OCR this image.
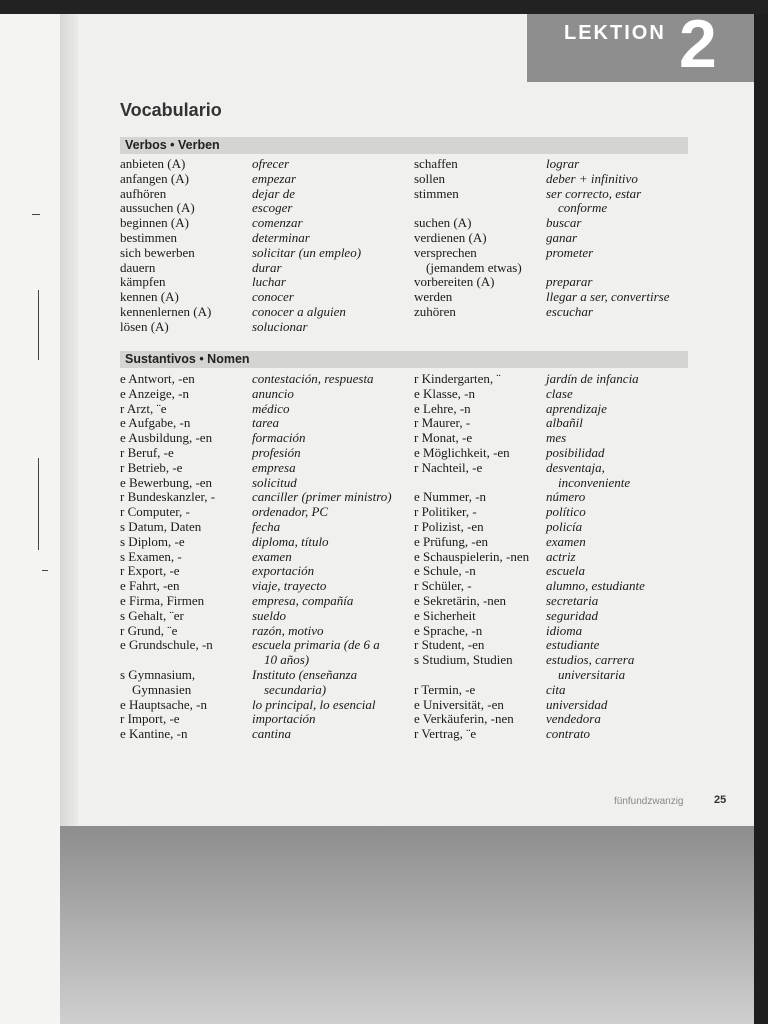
LEKTION 2
Vocabulario
Verbos • Verben
anbieten (A)
anfangen (A)
aufhören
aussuchen (A)
beginnen (A)
bestimmen
sich bewerben
dauern
kämpfen
kennen (A)
kennenlernen (A)
lösen (A)
ofrecer
empezar
dejar de
escoger
comenzar
determinar
solicitar (un empleo)
durar
luchar
conocer
conocer a alguien
solucionar
schaffen
sollen
stimmen
suchen (A)
verdienen (A)
versprechen
(jemandem etwas)
vorbereiten (A)
werden
zuhören
lograr
deber + infinitivo
ser correcto, estar
conforme
buscar
ganar
prometer
preparar
llegar a ser, convertirse
escuchar
Sustantivos • Nomen
e Antwort, -en
e Anzeige, -n
r Arzt, ¨e
e Aufgabe, -n
e Ausbildung, -en
r Beruf, -e
r Betrieb, -e
e Bewerbung, -en
r Bundeskanzler, -
r Computer, -
s Datum, Daten
s Diplom, -e
s Examen, -
r Export, -e
e Fahrt, -en
e Firma, Firmen
s Gehalt, ¨er
r Grund, ¨e
e Grundschule, -n
s Gymnasium,
Gymnasien
e Hauptsache, -n
r Import, -e
e Kantine, -n
contestación, respuesta
anuncio
médico
tarea
formación
profesión
empresa
solicitud
canciller (primer ministro)
ordenador, PC
fecha
diploma, título
examen
exportación
viaje, trayecto
empresa, compañía
sueldo
razón, motivo
escuela primaria (de 6 a
10 años)
Instituto (enseñanza
secundaria)
lo principal, lo esencial
importación
cantina
r Kindergarten, ¨
e Klasse, -n
e Lehre, -n
r Maurer, -
r Monat, -e
e Möglichkeit, -en
r Nachteil, -e
e Nummer, -n
r Politiker, -
r Polizist, -en
e Prüfung, -en
e Schauspielerin, -nen
e Schule, -n
r Schüler, -
e Sekretärin, -nen
e Sicherheit
e Sprache, -n
r Student, -en
s Studium, Studien
r Termin, -e
e Universität, -en
e Verkäuferin, -nen
r Vertrag, ¨e
jardín de infancia
clase
aprendizaje
albañil
mes
posibilidad
desventaja,
inconveniente
número
político
policía
examen
actriz
escuela
alumno, estudiante
secretaria
seguridad
idioma
estudiante
estudios, carrera
universitaria
cita
universidad
vendedora
contrato
fünfundzwanzig	25
